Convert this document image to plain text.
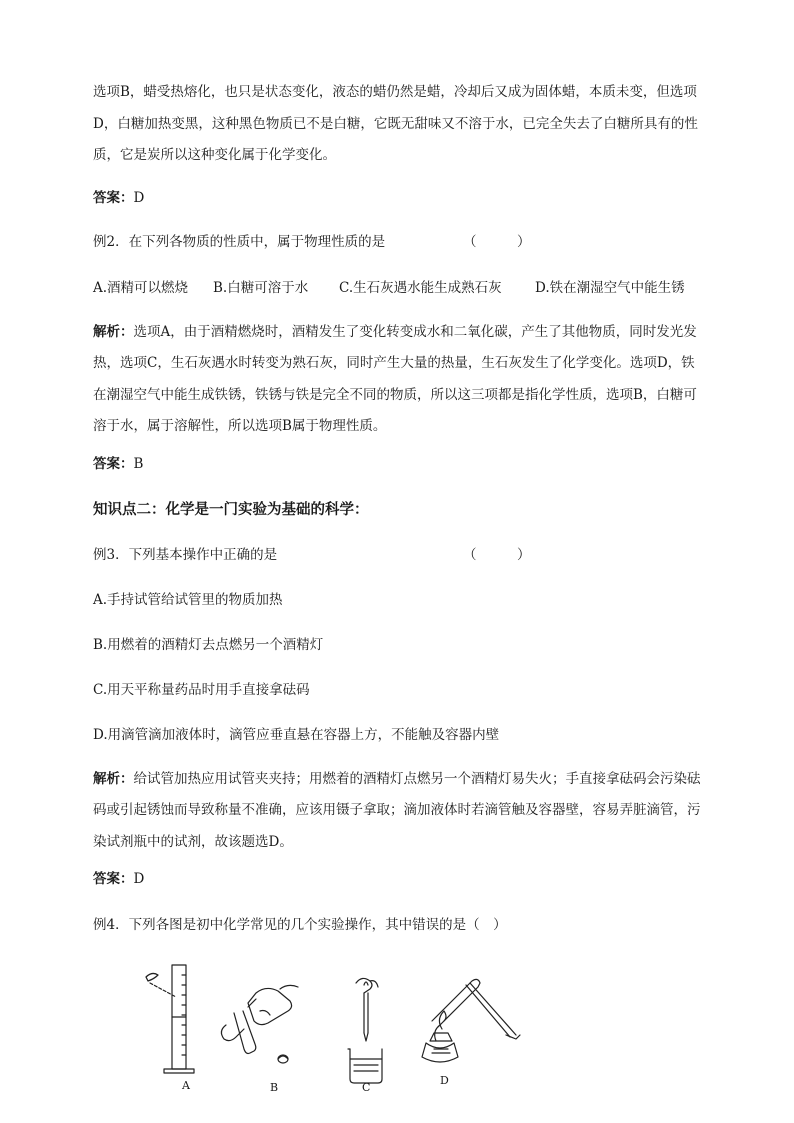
选项B，蜡受热熔化，也只是状态变化，液态的蜡仍然是蜡，冷却后又成为固体蜡，本质未变，但选项
D，白糖加热变黑，这种黑色物质已不是白糖，它既无甜味又不溶于水，已完全失去了白糖所具有的性
质，它是炭所以这种变化属于化学变化。
答案：D
例2．在下列各物质的性质中，属于物理性质的是	（　　　）
A.酒精可以燃烧 B.白糖可溶于水 C.生石灰遇水能生成熟石灰 D.铁在潮湿空气中能生锈
解析：选项A，由于酒精燃烧时，酒精发生了变化转变成水和二氧化碳，产生了其他物质，同时发光发
热，选项C，生石灰遇水时转变为熟石灰，同时产生大量的热量，生石灰发生了化学变化。选项D，铁
在潮湿空气中能生成铁锈，铁锈与铁是完全不同的物质，所以这三项都是指化学性质，选项B，白糖可
溶于水，属于溶解性，所以选项B属于物理性质。
答案：B
知识点二：化学是一门实验为基础的科学：
例3．下列基本操作中正确的是	（　　　）
A.手持试管给试管里的物质加热
B.用燃着的酒精灯去点燃另一个酒精灯
C.用天平称量药品时用手直接拿砝码
D.用滴管滴加液体时，滴管应垂直悬在容器上方，不能触及容器内壁
解析：给试管加热应用试管夹夹持；用燃着的酒精灯点燃另一个酒精灯易失火；手直接拿砝码会污染砝
码或引起锈蚀而导致称量不准确，应该用镊子拿取；滴加液体时若滴管触及容器壁，容易弄脏滴管，污
染试剂瓶中的试剂，故该题选D。
答案：D
例4．下列各图是初中化学常见的几个实验操作，其中错误的是（　）
A	B	C
D
